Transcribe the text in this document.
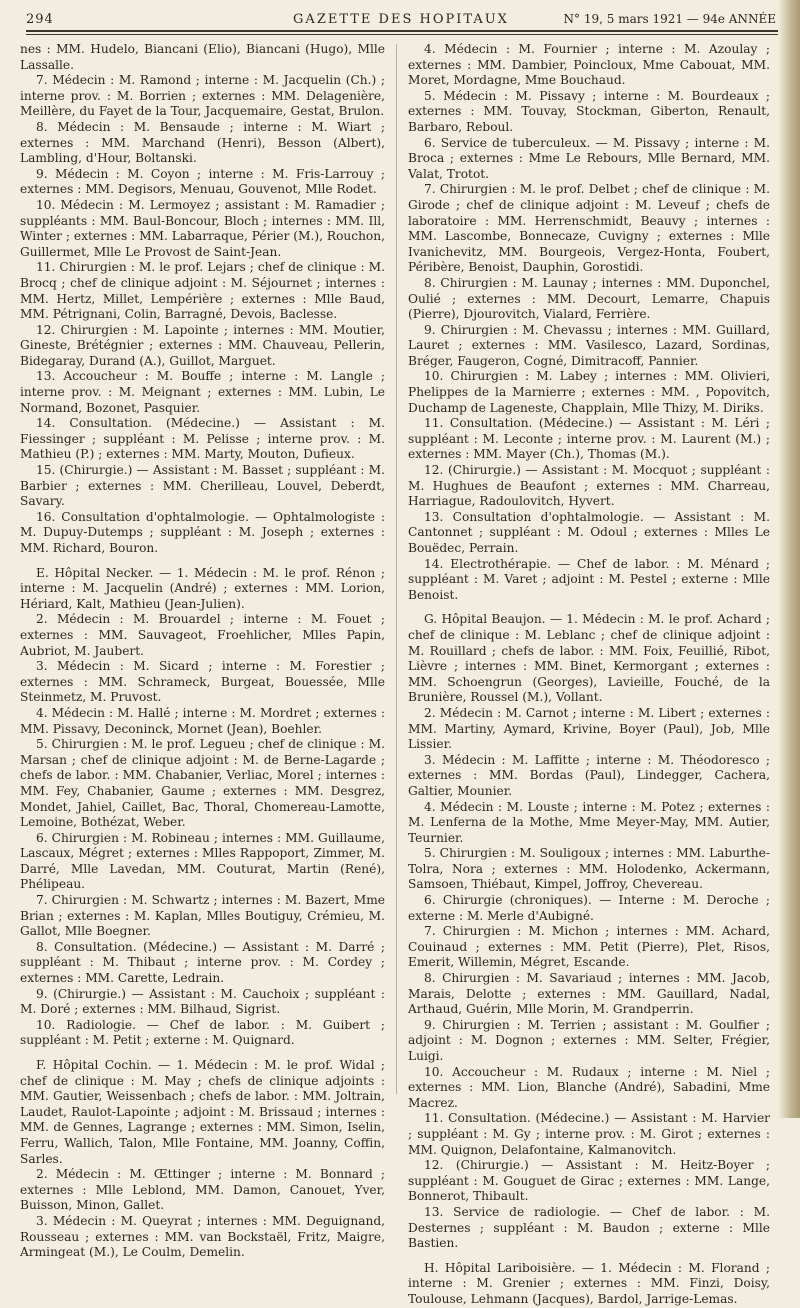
294	GAZETTE DES HOPITAUX	N° 19, 5 mars 1921 — 94e ANNÉE

nes : MM. Hudelo, Biancani (Elio), Biancani (Hugo), Mlle Lassalle.

7. Médecin : M. Ramond ; interne : M. Jacquelin (Ch.) ; interne prov. : M. Borrien ; externes : MM. Delagenière, Meillère, du Fayet de la Tour, Jacquemaire, Gestat, Brulon.

8. Médecin : M. Bensaude ; interne : M. Wiart ; externes : MM. Marchand (Henri), Besson (Albert), Lambling, d'Hour, Boltanski.

9. Médecin : M. Coyon ; interne : M. Fris-Larrouy ; externes : MM. Degisors, Menuau, Gouvenot, Mlle Rodet.

10. Médecin : M. Lermoyez ; assistant : M. Ramadier ; suppléants : MM. Baul-Boncour, Bloch ; internes : MM. Ill, Winter ; externes : MM. Labarraque, Périer (M.), Rouchon, Guillermet, Mlle Le Provost de Saint-Jean.

11. Chirurgien : M. le prof. Lejars ; chef de clinique : M. Brocq ; chef de clinique adjoint : M. Séjournet ; internes : MM. Hertz, Millet, Lempérière ; externes : Mlle Baud, MM. Pétrignani, Colin, Barragné, Devois, Baclesse.

12. Chirurgien : M. Lapointe ; internes : MM. Moutier, Gineste, Brétégnier ; externes : MM. Chauveau, Pellerin, Bidegaray, Durand (A.), Guillot, Marguet.

13. Accoucheur : M. Bouffe ; interne : M. Langle ; interne prov. : M. Meignant ; externes : MM. Lubin, Le Normand, Bozonet, Pasquier.

14. Consultation. (Médecine.) — Assistant : M. Fiessinger ; suppléant : M. Pelisse ; interne prov. : M. Mathieu (P.) ; externes : MM. Marty, Mouton, Dufieux.

15. (Chirurgie.) — Assistant : M. Basset ; suppléant : M. Barbier ; externes : MM. Cherilleau, Louvel, Deberdt, Savary.

16. Consultation d'ophtalmologie. — Ophtalmologiste : M. Dupuy-Dutemps ; suppléant : M. Joseph ; externes : MM. Richard, Bouron.

E. Hôpital Necker. — 1. Médecin : M. le prof. Rénon ; interne : M. Jacquelin (André) ; externes : MM. Lorion, Hériard, Kalt, Mathieu (Jean-Julien).

2. Médecin : M. Brouardel ; interne : M. Fouet ; externes : MM. Sauvageot, Froehlicher, Mlles Papin, Aubriot, M. Jaubert.

3. Médecin : M. Sicard ; interne : M. Forestier ; externes : MM. Schrameck, Burgeat, Bouessée, Mlle Steinmetz, M. Pruvost.

4. Médecin : M. Hallé ; interne : M. Mordret ; externes : MM. Pissavy, Deconinck, Mornet (Jean), Boehler.

5. Chirurgien : M. le prof. Legueu ; chef de clinique : M. Marsan ; chef de clinique adjoint : M. de Berne-Lagarde ; chefs de labor. : MM. Chabanier, Verliac, Morel ; internes : MM. Fey, Chabanier, Gaume ; externes : MM. Desgrez, Mondet, Jahiel, Caillet, Bac, Thoral, Chomereau-Lamotte, Lemoine, Bothézat, Weber.

6. Chirurgien : M. Robineau ; internes : MM. Guillaume, Lascaux, Mégret ; externes : Mlles Rappoport, Zimmer, M. Darré, Mlle Lavedan, MM. Couturat, Martin (René), Phélipeau.

7. Chirurgien : M. Schwartz ; internes : M. Bazert, Mme Brian ; externes : M. Kaplan, Mlles Boutiguy, Crémieu, M. Gallot, Mlle Boegner.

8. Consultation. (Médecine.) — Assistant : M. Darré ; suppléant : M. Thibaut ; interne prov. : M. Cordey ; externes : MM. Carette, Ledrain.

9. (Chirurgie.) — Assistant : M. Cauchoix ; suppléant : M. Doré ; externes : MM. Bilhaud, Sigrist.

10. Radiologie. — Chef de labor. : M. Guibert ; suppléant : M. Petit ; externe : M. Quignard.

F. Hôpital Cochin. — 1. Médecin : M. le prof. Widal ; chef de clinique : M. May ; chefs de clinique adjoints : MM. Gautier, Weissenbach ; chefs de labor. : MM. Joltrain, Laudet, Raulot-Lapointe ; adjoint : M. Brissaud ; internes : MM. de Gennes, Lagrange ; externes : MM. Simon, Iselin, Ferru, Wallich, Talon, Mlle Fontaine, MM. Joanny, Coffin, Sarles.

2. Médecin : M. Œttinger ; interne : M. Bonnard ; externes : Mlle Leblond, MM. Damon, Canouet, Yver, Buisson, Minon, Gallet.

3. Médecin : M. Queyrat ; internes : MM. Deguignand, Rousseau ; externes : MM. van Bockstaël, Fritz, Maigre, Armingeat (M.), Le Coulm, Demelin.

4. Médecin : M. Fournier ; interne : M. Azoulay ; externes : MM. Dambier, Poincloux, Mme Cabouat, MM. Moret, Mordagne, Mme Bouchaud.

5. Médecin : M. Pissavy ; interne : M. Bourdeaux ; externes : MM. Touvay, Stockman, Giberton, Renault, Barbaro, Reboul.

6. Service de tuberculeux. — M. Pissavy ; interne : M. Broca ; externes : Mme Le Rebours, Mlle Bernard, MM. Valat, Trotot.

7. Chirurgien : M. le prof. Delbet ; chef de clinique : M. Girode ; chef de clinique adjoint : M. Leveuf ; chefs de laboratoire : MM. Herrenschmidt, Beauvy ; internes : MM. Lascombe, Bonnecaze, Cuvigny ; externes : Mlle Ivanichevitz, MM. Bourgeois, Vergez-Honta, Foubert, Péribère, Benoist, Dauphin, Gorostidi.

8. Chirurgien : M. Launay ; internes : MM. Duponchel, Oulié ; externes : MM. Decourt, Lemarre, Chapuis (Pierre), Djourovitch, Vialard, Ferrière.

9. Chirurgien : M. Chevassu ; internes : MM. Guillard, Lauret ; externes : MM. Vasilesco, Lazard, Sordinas, Bréger, Faugeron, Cogné, Dimitracoff, Pannier.

10. Chirurgien : M. Labey ; internes : MM. Olivieri, Phelippes de la Marnierre ; externes : MM. , Popovitch, Duchamp de Lageneste, Chapplain, Mlle Thizy, M. Diriks.

11. Consultation. (Médecine.) — Assistant : M. Léri ; suppléant : M. Leconte ; interne prov. : M. Laurent (M.) ; externes : MM. Mayer (Ch.), Thomas (M.).

12. (Chirurgie.) — Assistant : M. Mocquot ; suppléant : M. Hughues de Beaufont ; externes : MM. Charreau, Harriague, Radoulovitch, Hyvert.

13. Consultation d'ophtalmologie. — Assistant : M. Cantonnet ; suppléant : M. Odoul ; externes : Mlles Le Bouëdec, Perrain.

14. Electrothérapie. — Chef de labor. : M. Ménard ; suppléant : M. Varet ; adjoint : M. Pestel ; externe : Mlle Benoist.

G. Hôpital Beaujon. — 1. Médecin : M. le prof. Achard ; chef de clinique : M. Leblanc ; chef de clinique adjoint : M. Rouillard ; chefs de labor. : MM. Foix, Feuillié, Ribot, Lièvre ; internes : MM. Binet, Kermorgant ; externes : MM. Schoengrun (Georges), Lavieille, Fouché, de la Brunière, Roussel (M.), Vollant.

2. Médecin : M. Carnot ; interne : M. Libert ; externes : MM. Martiny, Aymard, Krivine, Boyer (Paul), Job, Mlle Lissier.

3. Médecin : M. Laffitte ; interne : M. Théodoresco ; externes : MM. Bordas (Paul), Lindegger, Cachera, Galtier, Mounier.

4. Médecin : M. Louste ; interne : M. Potez ; externes : M. Lenferna de la Mothe, Mme Meyer-May, MM. Autier, Teurnier.

5. Chirurgien : M. Souligoux ; internes : MM. Laburthe-Tolra, Nora ; externes : MM. Holodenko, Ackermann, Samsoen, Thiébaut, Kimpel, Joffroy, Chevereau.

6. Chirurgie (chroniques). — Interne : M. Deroche ; externe : M. Merle d'Aubigné.

7. Chirurgien : M. Michon ; internes : MM. Achard, Couinaud ; externes : MM. Petit (Pierre), Plet, Risos, Emerit, Willemin, Mégret, Escande.

8. Chirurgien : M. Savariaud ; internes : MM. Jacob, Marais, Delotte ; externes : MM. Gauillard, Nadal, Arthaud, Guérin, Mlle Morin, M. Grandperrin.

9. Chirurgien : M. Terrien ; assistant : M. Goulfier ; adjoint : M. Dognon ; externes : MM. Selter, Frégier, Luigi.

10. Accoucheur : M. Rudaux ; interne : M. Niel ; externes : MM. Lion, Blanche (André), Sabadini, Mme Macrez.

11. Consultation. (Médecine.) — Assistant : M. Harvier ; suppléant : M. Gy ; interne prov. : M. Girot ; externes : MM. Quignon, Delafontaine, Kalmanovitch.

12. (Chirurgie.) — Assistant : M. Heitz-Boyer ; suppléant : M. Gouguet de Girac ; externes : MM. Lange, Bonnerot, Thibault.

13. Service de radiologie. — Chef de labor. : M. Desternes ; suppléant : M. Baudon ; externe : Mlle Bastien.

H. Hôpital Lariboisière. — 1. Médecin : M. Florand ; interne : M. Grenier ; externes : MM. Finzi, Doisy, Toulouse, Lehmann (Jacques), Bardol, Jarrige-Lemas.
